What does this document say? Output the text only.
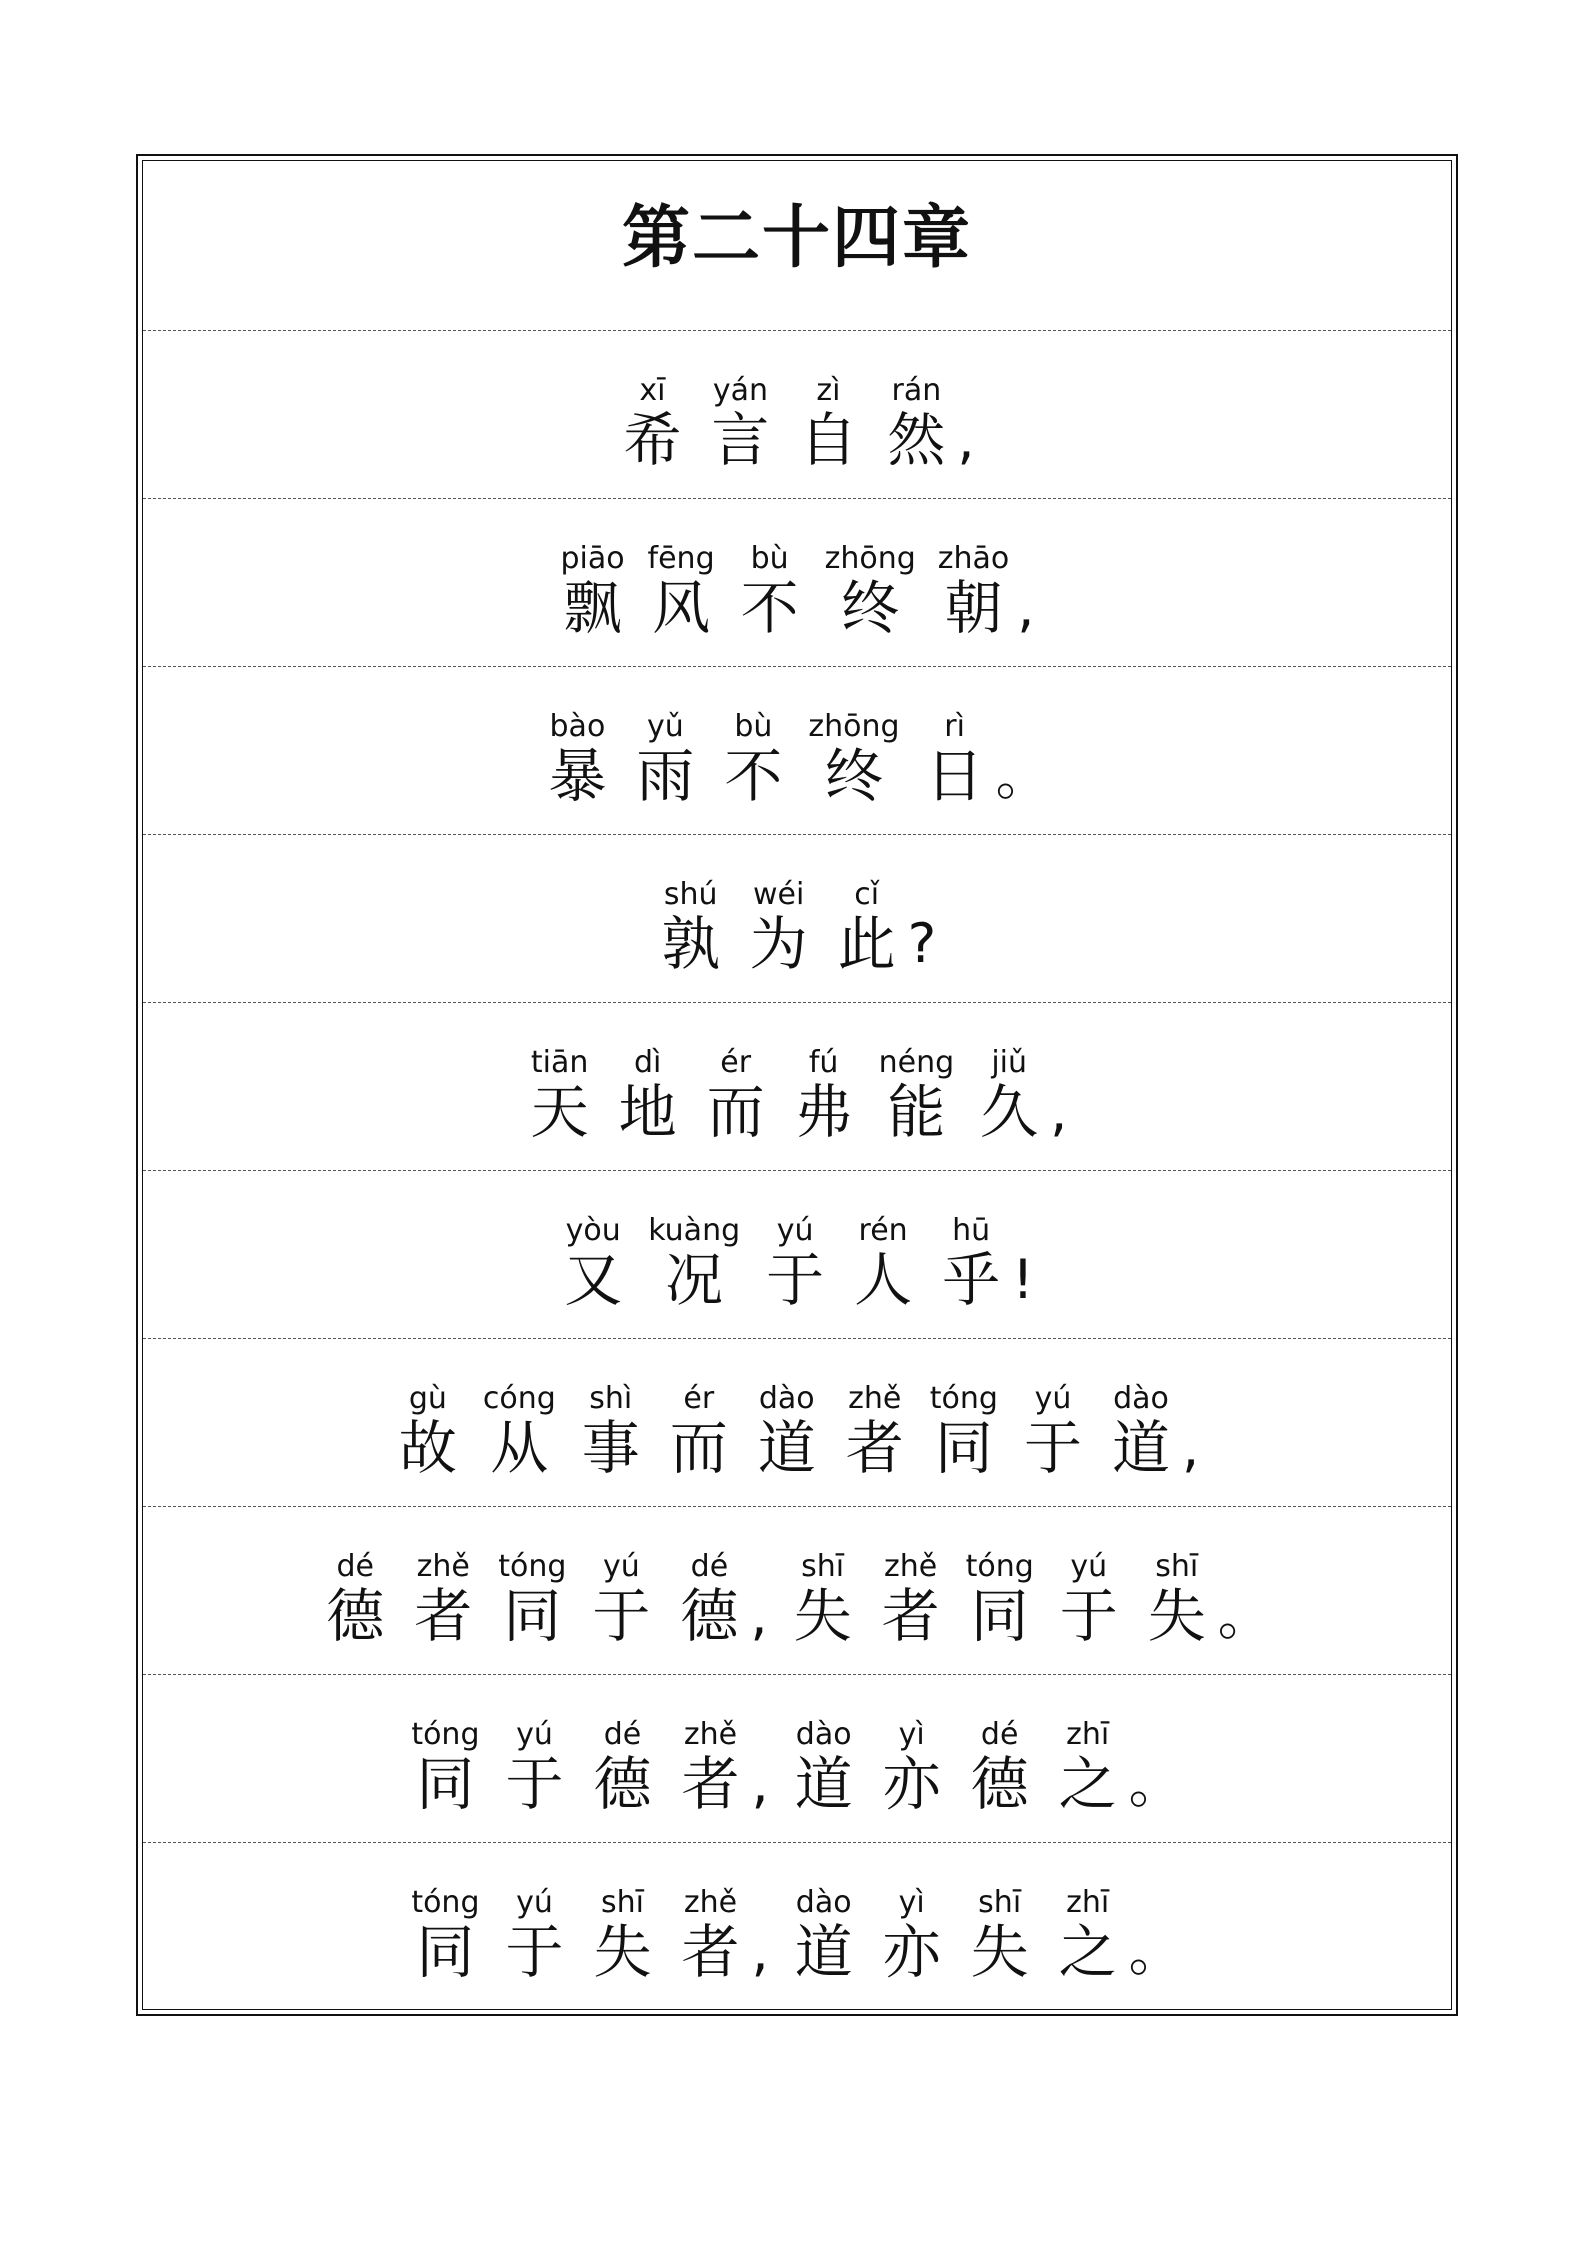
第二十四章
xī
希
yán
言
zì
自
rán
然 ,
piāo
飘
fēng
风
bù
不
zhōng
终
zhāo
朝 ,
bào
暴
yǔ
雨
bù
不
zhōng
终
rì
日 。
shú
孰
wéi
为
cǐ
此 ?
tiān
天
dì
地
ér
而
fú
弗
néng
能
jiǔ
久 ,
yòu
又
kuàng
况
yú
于
rén
人
hū
乎 !
gù
故
cóng
从
shì
事
ér
而
dào
道
zhě
者
tóng
同
yú
于
dào
道 ,
dé
德
zhě
者
tóng
同
yú
于
dé
德 ,
shī
失
zhě
者
tóng
同
yú
于
shī
失 。
tóng
同
yú
于
dé
德
zhě
者 ,
dào
道
yì
亦
dé
德
zhī
之 。
tóng
同
yú
于
shī
失
zhě
者 ,
dào
道
yì
亦
shī
失
zhī
之 。
